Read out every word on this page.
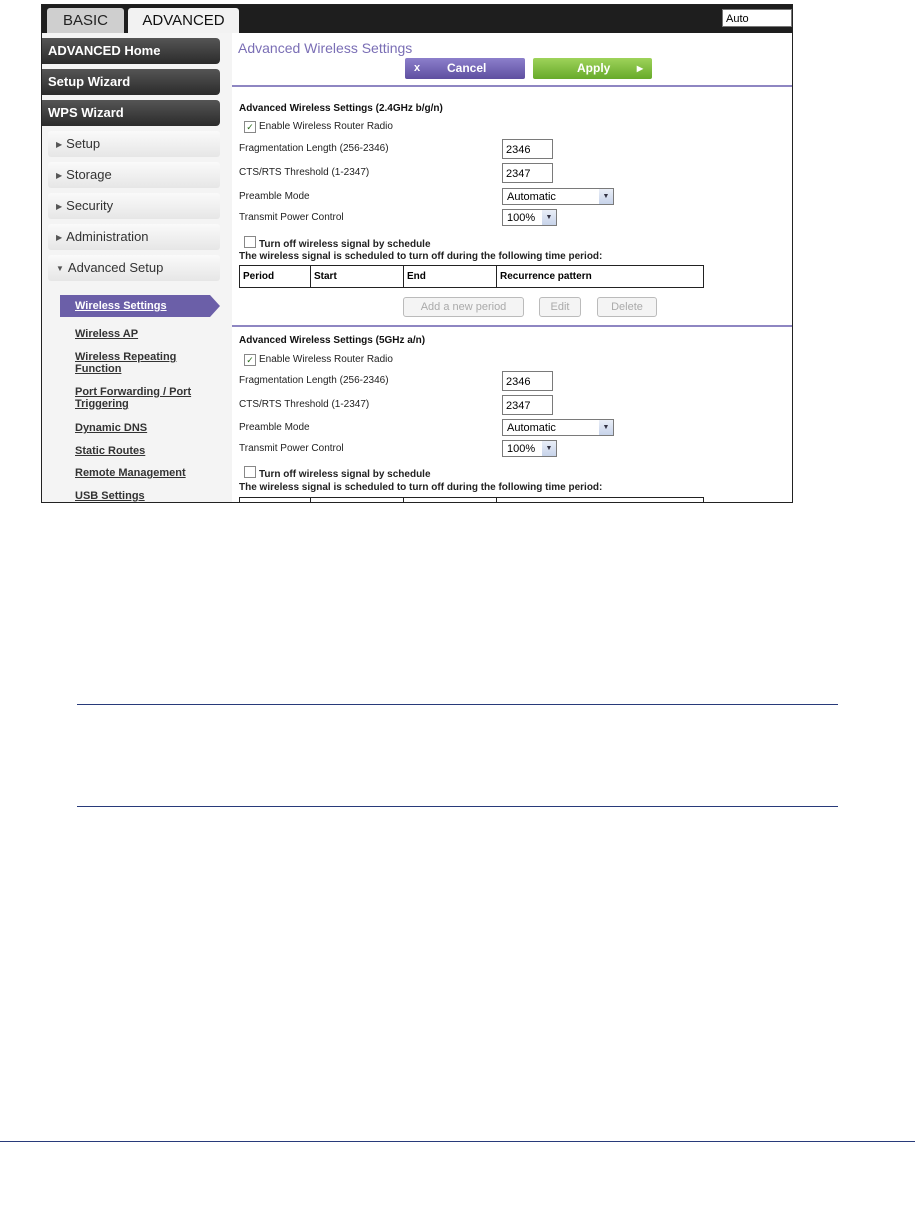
BASIC	ADVANCED	Auto
ADVANCED Home
Setup Wizard
WPS Wizard
▶ Setup
▶ Storage
▶ Security
▶ Administration
▼ Advanced Setup
Wireless Settings
Wireless AP
Wireless Repeating Function
Port Forwarding / Port Triggering
Dynamic DNS
Static Routes
Remote Management
USB Settings
Advanced Wireless Settings
x Cancel	Apply	▶
Advanced Wireless Settings (2.4GHz b/g/n)
✓ Enable Wireless Router Radio
Fragmentation Length (256-2346)	2346
CTS/RTS Threshold (1-2347)	2347
Preamble Mode	Automatic	▼
Transmit Power Control	100%	▼
Turn off wireless signal by schedule
The wireless signal is scheduled to turn off during the following time period:
Period	Start	End	Recurrence pattern
Add a new period	Edit	Delete
Advanced Wireless Settings (5GHz a/n)
✓ Enable Wireless Router Radio
Fragmentation Length (256-2346)	2346
CTS/RTS Threshold (1-2347)	2347
Preamble Mode	Automatic	▼
Transmit Power Control	100%	▼
Turn off wireless signal by schedule
The wireless signal is scheduled to turn off during the following time period:
